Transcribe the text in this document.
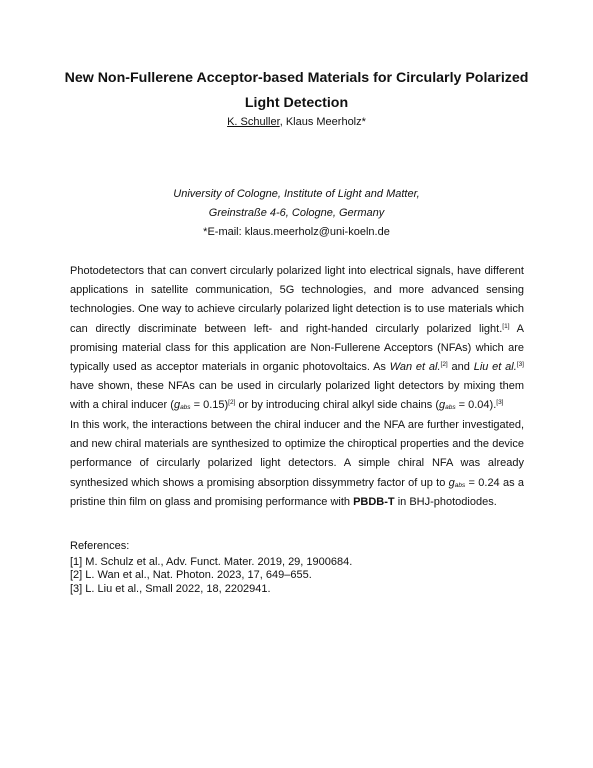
New Non-Fullerene Acceptor-based Materials for Circularly Polarized Light Detection
K. Schuller, Klaus Meerholz*
University of Cologne, Institute of Light and Matter,
Greinstraße 4-6, Cologne, Germany
*E-mail: klaus.meerholz@uni-koeln.de

Photodetectors that can convert circularly polarized light into electrical signals, have different applications in satellite communication, 5G technologies, and more advanced sensing technologies. One way to achieve circularly polarized light detection is to use materials which can directly discriminate between left- and right-handed circularly polarized light.[1] A promising material class for this application are Non-Fullerene Acceptors (NFAs) which are typically used as acceptor materials in organic photovoltaics. As Wan et al.[2] and Liu et al.[3] have shown, these NFAs can be used in circularly polarized light detectors by mixing them with a chiral inducer $(g_{abs} = 0.15)[2]$ or by introducing chiral alkyl side chains $(g_{abs} = 0.04).[3]$

In this work, the interactions between the chiral inducer and the NFA are further investigated, and new chiral materials are synthesized to optimize the chiroptical properties and the device performance of circularly polarized light detectors. A simple chiral NFA was already synthesized which shows a promising absorption dissymmetry factor of up to $g_{abs} = 0.24$ as a pristine thin film on glass and promising performance with PBDB-T in BHJ-photodiodes.

References:
[1] M. Schulz et al., Adv. Funct. Mater. 2019, 29, 1900684.
[2] L. Wan et al., Nat. Photon. 2023, 17, 649–655.
[3] L. Liu et al., Small 2022, 18, 2202941.
